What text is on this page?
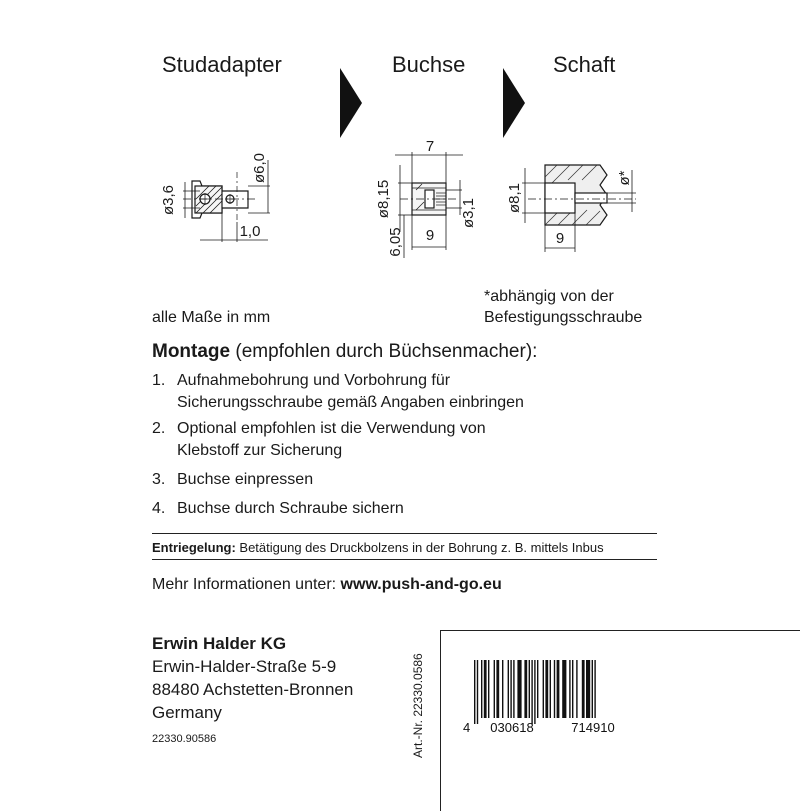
Studadapter	Buchse	Schaft
ø3,6
ø6,0
1,0
7
ø8,15	ø3,1
9
6,05
ø8,1
ø*
9
*abhängig von der
Befestigungsschraube
alle Maße in mm
Montage (empfohlen durch Büchsenmacher):
1. Aufnahmebohrung und Vorbohrung für Sicherungsschraube gemäß Angaben einbringen
2. Optional empfohlen ist die Verwendung von Klebstoff zur Sicherung
3. Buchse einpressen
4. Buchse durch Schraube sichern
Entriegelung: Betätigung des Druckbolzens in der Bohrung z. B. mittels Inbus
Mehr Informationen unter: www.push-and-go.eu
Erwin Halder KG
Erwin-Halder-Straße 5-9
88480 Achstetten-Bronnen
Germany
22330.90586	Art.-Nr. 22330.0586	4 030618	714910
